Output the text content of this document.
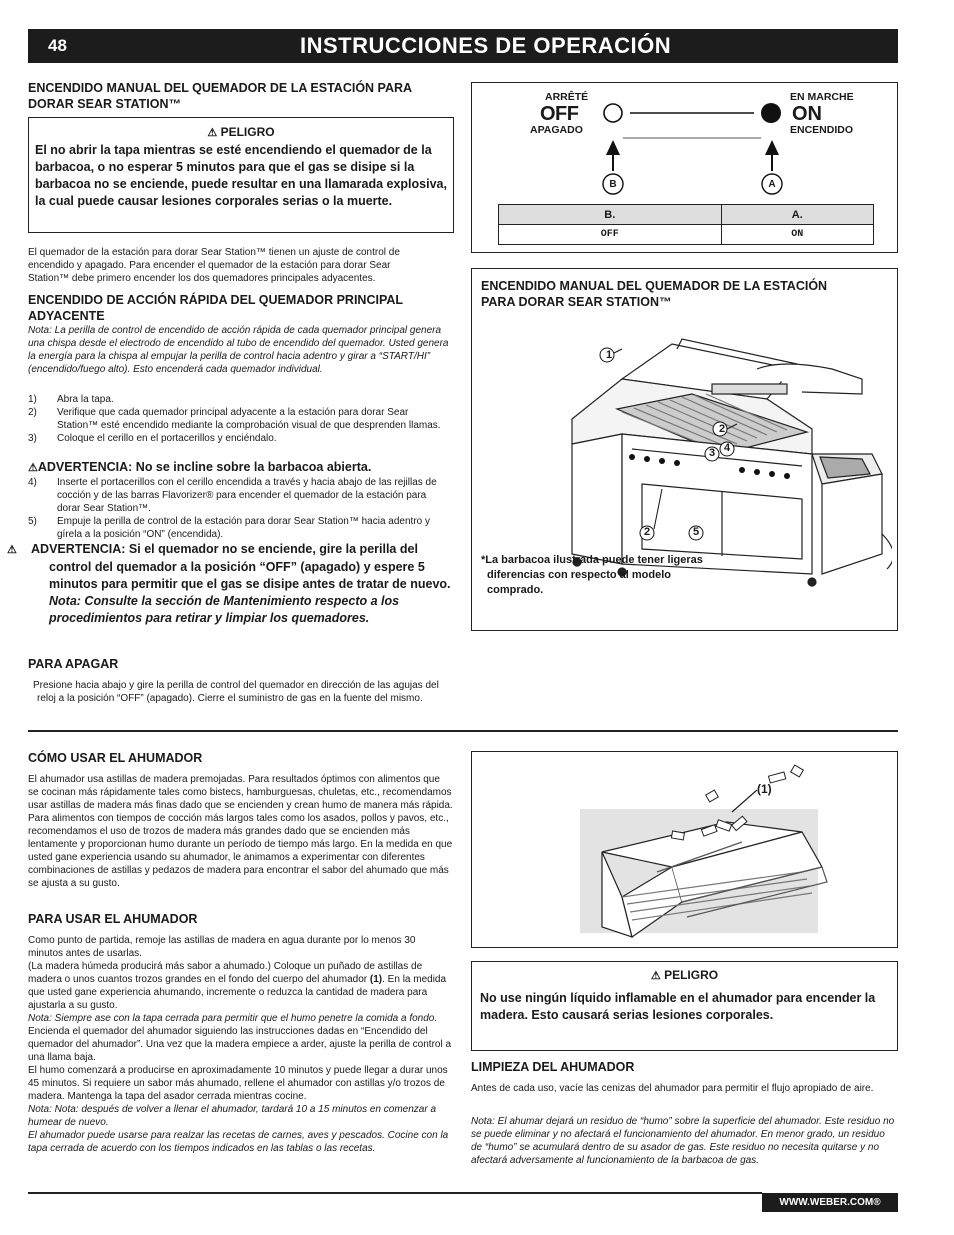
48	INSTRUCCIONES DE OPERACIÓN
ENCENDIDO MANUAL DEL QUEMADOR DE LA ESTACIÓN PARA DORAR SEAR STATION™
⚠ PELIGRO
El no abrir la tapa mientras se esté encendiendo el quemador de la barbacoa, o no esperar 5 minutos para que el gas se disipe si la barbacoa no se enciende, puede resultar en una llamarada explosiva, la cual puede causar lesiones corporales serias o la muerte.

El quemador de la estación para dorar Sear Station™ tienen un ajuste de control de encendido y apagado. Para encender el quemador de la estación para dorar Sear Station™ debe primero encender los dos quemadores principales adyacentes.

ENCENDIDO DE ACCIÓN RÁPIDA DEL QUEMADOR PRINCIPAL ADYACENTE

Nota: La perilla de control de encendido de acción rápida de cada quemador principal genera una chispa desde el electrodo de encendido al tubo de encendido del quemador. Usted genera la energía para la chispa al empujar la perilla de control hacia adentro y girar a “START/HI” (encendido/fuego alto). Esto encenderá cada quemador individual.

1) Abra la tapa.
2) Verifique que cada quemador principal adyacente a la estación para dorar Sear Station™ esté encendido mediante la comprobación visual de que desprenden llamas.
3) Coloque el cerillo en el portacerillos y enciéndalo.
⚠ADVERTENCIA: No se incline sobre la barbacoa abierta.
4) Inserte el portacerillos con el cerillo encendida a través y hacia abajo de las rejillas de cocción y de las barras Flavorizer® para encender el quemador de la estación para dorar Sear Station™.
5) Empuje la perilla de control de la estación para dorar Sear Station™ hacia adentro y gírela a la posición “ON” (encendida).
⚠ ADVERTENCIA: Si el quemador no se enciende, gire la perilla del control del quemador a la posición “OFF” (apagado) y espere 5 minutos para permitir que el gas se disipe antes de tratar de nuevo.
Nota: Consulte la sección de Mantenimiento respecto a los procedimientos para retirar y limpiar los quemadores.
PARA APAGAR

Presione hacia abajo y gire la perilla de control del quemador en dirección de las agujas del reloj a la posición “OFF” (apagado). Cierre el suministro de gas en la fuente del mismo.

ARRÊTÉ
OFF
APAGADO
EN MARCHE
ON
ENCENDIDO
B	A
B.	A.
OFF	ON
ENCENDIDO MANUAL DEL QUEMADOR DE LA ESTACIÓN PARA DORAR SEAR STATION™
1
2
3 4
2	5

*La barbacoa ilustrada puede tener ligeras diferencias con respecto al modelo comprado.

CÓMO USAR EL AHUMADOR

El ahumador usa astillas de madera premojadas. Para resultados óptimos con alimentos que se cocinan más rápidamente tales como bistecs, hamburguesas, chuletas, etc., recomendamos usar astillas de madera más finas dado que se encienden y crean humo de manera más rápida. Para alimentos con tiempos de cocción más largos tales como los asados, pollos y pavos, etc., recomendamos el uso de trozos de madera más grandes dado que se encienden más lentamente y proporcionan humo durante un período de tiempo más largo. En la medida en que usted gane experiencia usando su ahumador, le animamos a experimentar con diferentes combinaciones de astillas y pedazos de madera para encontrar el sabor del ahumado que más se ajusta a su gusto.

PARA USAR EL AHUMADOR

Como punto de partida, remoje las astillas de madera en agua durante por lo menos 30 minutos antes de usarlas.

(La madera húmeda producirá más sabor a ahumado.) Coloque un puñado de astillas de madera o unos cuantos trozos grandes en el fondo del cuerpo del ahumador (1). En la medida que usted gane experiencia ahumando, incremente o reduzca la cantidad de madera para ajustarla a su gusto.

Nota: Siempre ase con la tapa cerrada para permitir que el humo penetre la comida a fondo.

Encienda el quemador del ahumador siguiendo las instrucciones dadas en “Encendido del quemador del ahumador”. Una vez que la madera empiece a arder, ajuste la perilla de control a una llama baja.

El humo comenzará a producirse en aproximadamente 10 minutos y puede llegar a durar unos 45 minutos. Si requiere un sabor más ahumado, rellene el ahumador con astillas y/o trozos de madera. Mantenga la tapa del asador cerrada mientras cocine.

Nota: Nota: después de volver a llenar el ahumador, tardará 10 a 15 minutos en comenzar a humear de nuevo.

El ahumador puede usarse para realzar las recetas de carnes, aves y pescados. Cocine con la tapa cerrada de acuerdo con los tiempos indicados en las tablas o las recetas.

(1)
⚠ PELIGRO
No use ningún líquido inflamable en el ahumador para encender la madera. Esto causará serias lesiones corporales.
LIMPIEZA DEL AHUMADOR

Antes de cada uso, vacíe las cenizas del ahumador para permitir el flujo apropiado de aire.

Nota: El ahumar dejará un residuo de “humo” sobre la superficie del ahumador. Este residuo no se puede eliminar y no afectará el funcionamiento del ahumador. En menor grado, un residuo de “humo” se acumulará dentro de su asador de gas. Este residuo no necesita quitarse y no afectará adversamente al funcionamiento de la barbacoa de gas.

WWW.WEBER.COM®
